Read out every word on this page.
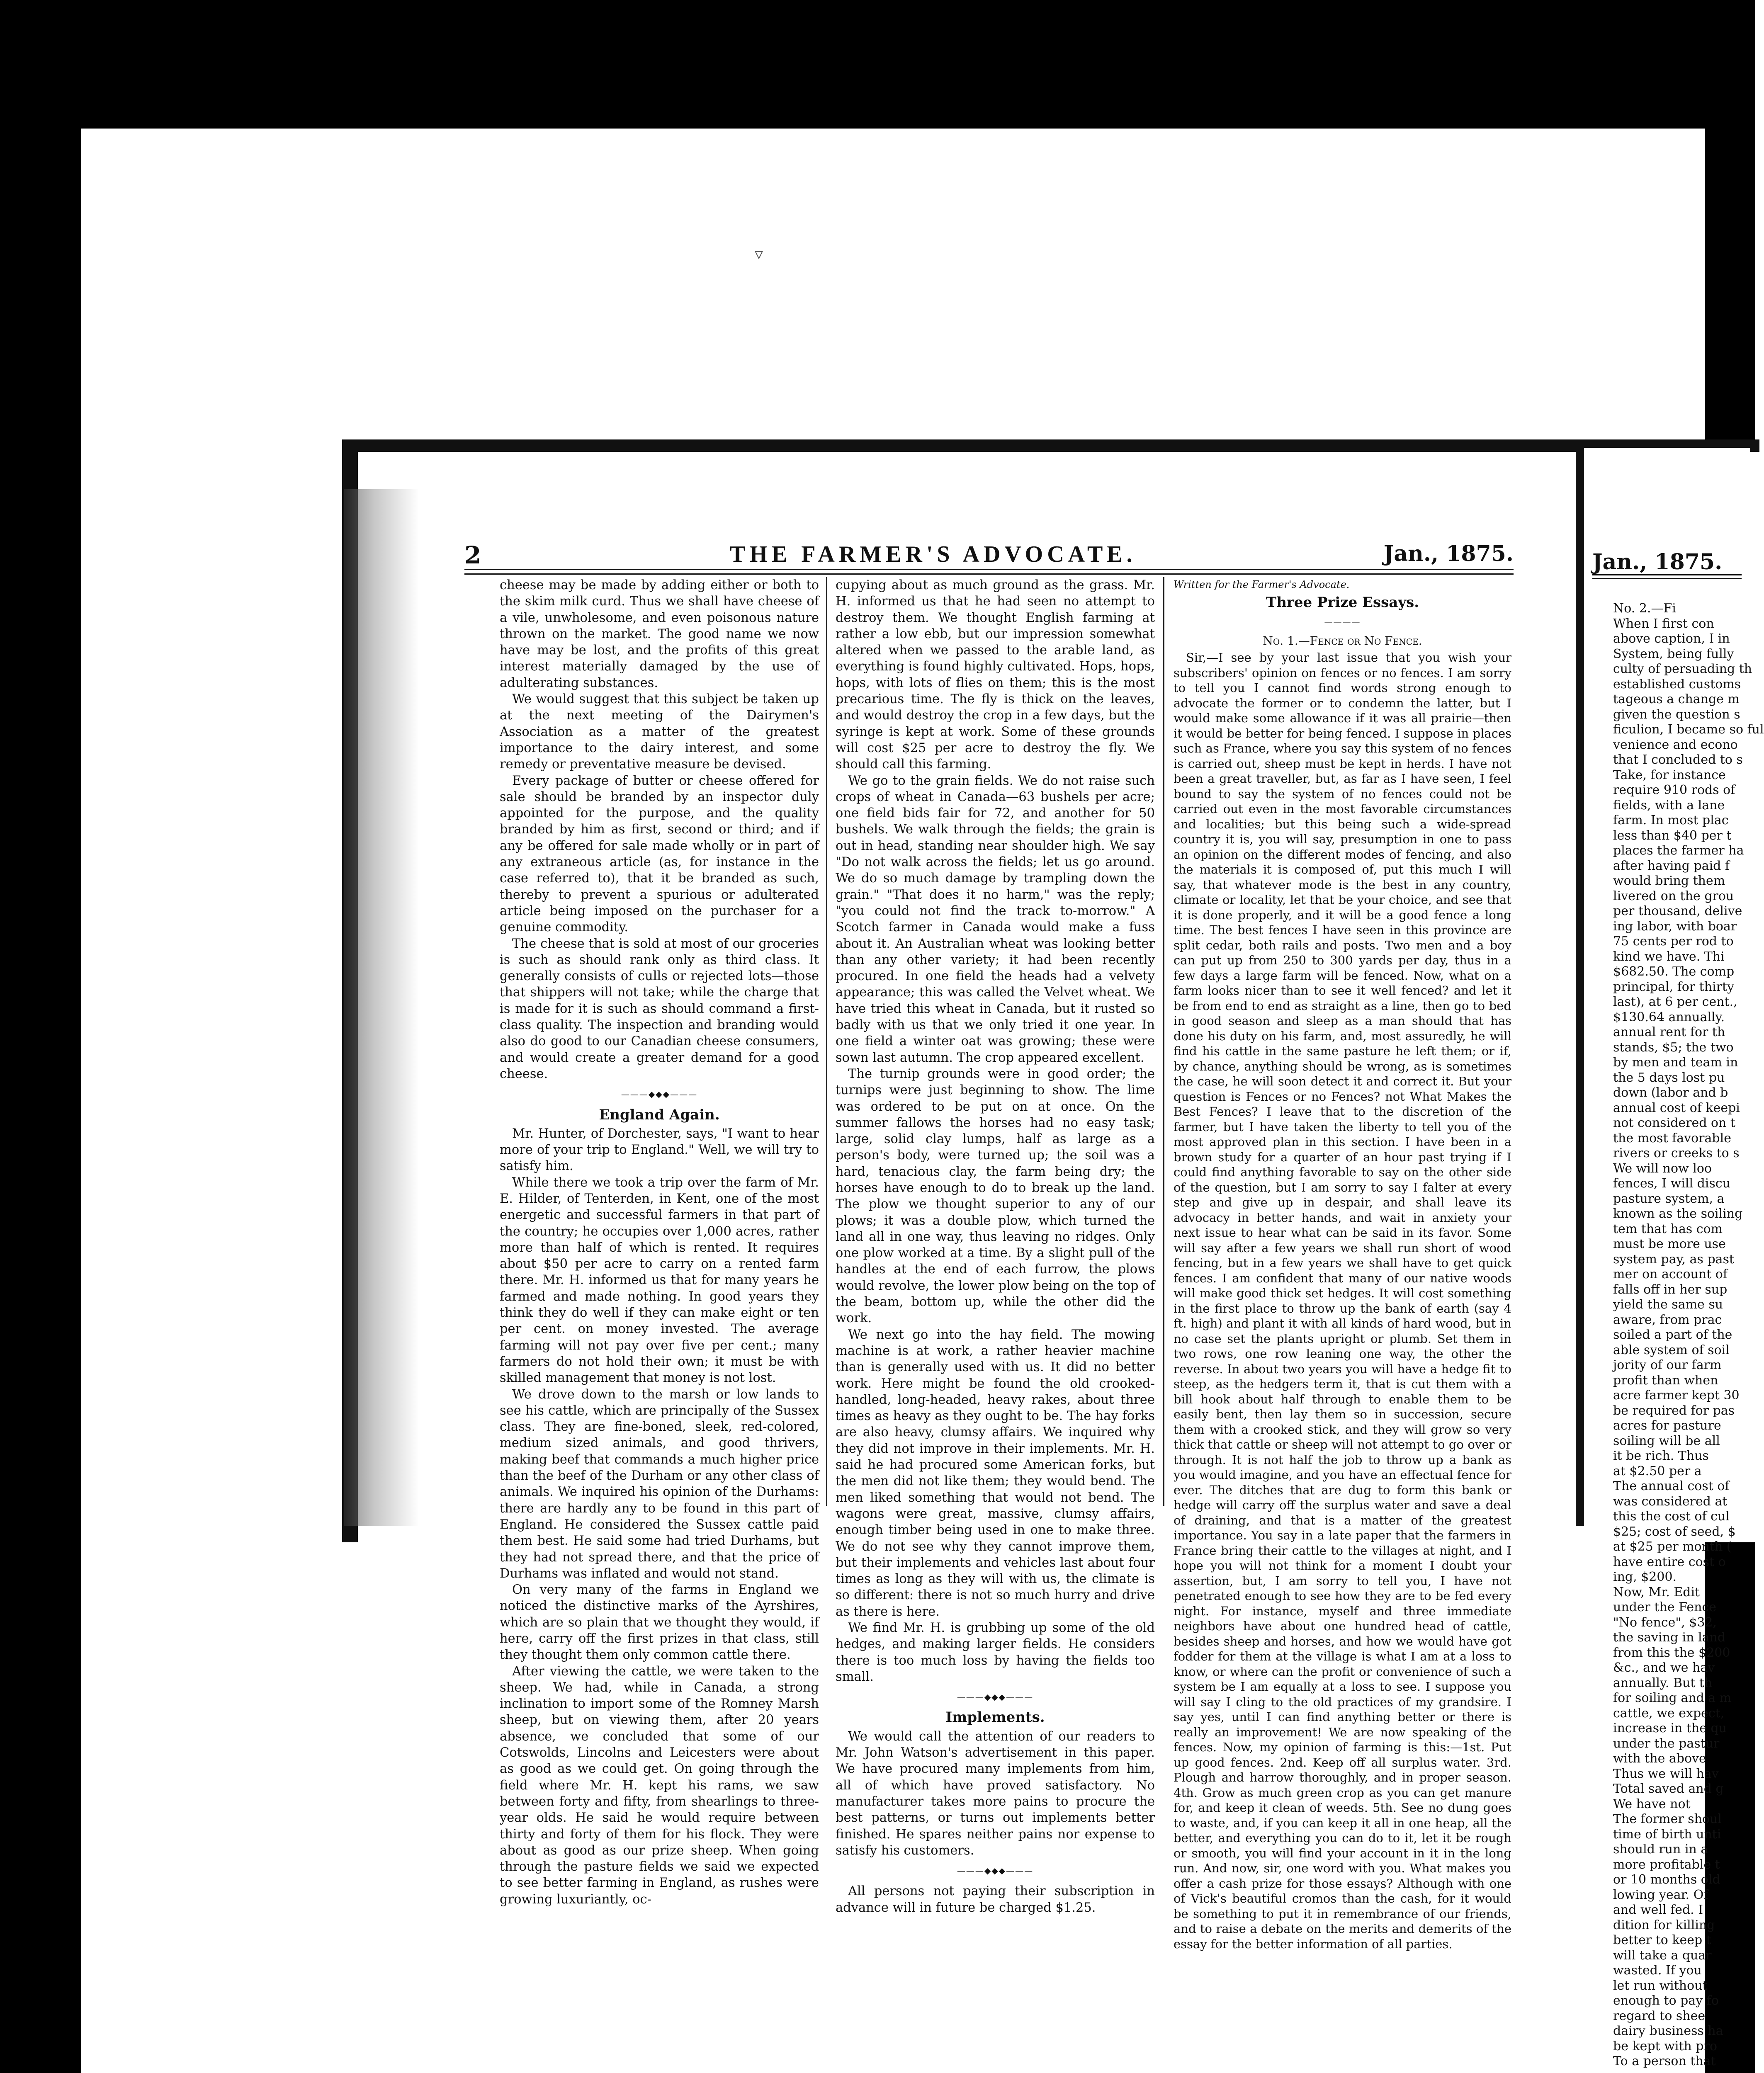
▿
2	THE FARMER'S ADVOCATE.	Jan., 1875.

cheese may be made by adding either or both to the skim milk curd. Thus we shall have cheese of a vile, unwholesome, and even poisonous nature thrown on the market. The good name we now have may be lost, and the profits of this great interest materially damaged by the use of adulterating substances.

We would suggest that this subject be taken up at the next meeting of the Dairymen's Association as a matter of the greatest importance to the dairy interest, and some remedy or preventative measure be devised.

Every package of butter or cheese offered for sale should be branded by an inspector duly appointed for the purpose, and the quality branded by him as first, second or third; and if any be offered for sale made wholly or in part of any extraneous article (as, for instance in the case referred to), that it be branded as such, thereby to prevent a spurious or adulterated article being imposed on the purchaser for a genuine commodity.

The cheese that is sold at most of our groceries is such as should rank only as third class. It generally consists of culls or rejected lots—those that shippers will not take; while the charge that is made for it is such as should command a first-class quality. The inspection and branding would also do good to our Canadian cheese consumers, and would create a greater demand for a good cheese.

———◆◆◆———
England Again.

Mr. Hunter, of Dorchester, says, "I want to hear more of your trip to England." Well, we will try to satisfy him.

While there we took a trip over the farm of Mr. E. Hilder, of Tenterden, in Kent, one of the most energetic and successful farmers in that part of the country; he occupies over 1,000 acres, rather more than half of which is rented. It requires about $50 per acre to carry on a rented farm there. Mr. H. informed us that for many years he farmed and made nothing. In good years they think they do well if they can make eight or ten per cent. on money invested. The average farming will not pay over five per cent.; many farmers do not hold their own; it must be with skilled management that money is not lost.

We drove down to the marsh or low lands to see his cattle, which are principally of the Sussex class. They are fine-boned, sleek, red-colored, medium sized animals, and good thrivers, making beef that commands a much higher price than the beef of the Durham or any other class of animals. We inquired his opinion of the Durhams: there are hardly any to be found in this part of England. He considered the Sussex cattle paid them best. He said some had tried Durhams, but they had not spread there, and that the price of Durhams was inflated and would not stand.

On very many of the farms in England we noticed the distinctive marks of the Ayrshires, which are so plain that we thought they would, if here, carry off the first prizes in that class, still they thought them only common cattle there.

After viewing the cattle, we were taken to the sheep. We had, while in Canada, a strong inclination to import some of the Romney Marsh sheep, but on viewing them, after 20 years absence, we concluded that some of our Cotswolds, Lincolns and Leicesters were about as good as we could get. On going through the field where Mr. H. kept his rams, we saw between forty and fifty, from shearlings to three-year olds. He said he would require between thirty and forty of them for his flock. They were about as good as our prize sheep. When going through the pasture fields we said we expected to see better farming in England, as rushes were growing luxuriantly, oc-

cupying about as much ground as the grass. Mr. H. informed us that he had seen no attempt to destroy them. We thought English farming at rather a low ebb, but our impression somewhat altered when we passed to the arable land, as everything is found highly cultivated. Hops, hops, hops, with lots of flies on them; this is the most precarious time. The fly is thick on the leaves, and would destroy the crop in a few days, but the syringe is kept at work. Some of these grounds will cost $25 per acre to destroy the fly. We should call this farming.

We go to the grain fields. We do not raise such crops of wheat in Canada—63 bushels per acre; one field bids fair for 72, and another for 50 bushels. We walk through the fields; the grain is out in head, standing near shoulder high. We say "Do not walk across the fields; let us go around. We do so much damage by trampling down the grain." "That does it no harm," was the reply; "you could not find the track to-morrow." A Scotch farmer in Canada would make a fuss about it. An Australian wheat was looking better than any other variety; it had been recently procured. In one field the heads had a velvety appearance; this was called the Velvet wheat. We have tried this wheat in Canada, but it rusted so badly with us that we only tried it one year. In one field a winter oat was growing; these were sown last autumn. The crop appeared excellent.

The turnip grounds were in good order; the turnips were just beginning to show. The lime was ordered to be put on at once. On the summer fallows the horses had no easy task; large, solid clay lumps, half as large as a person's body, were turned up; the soil was a hard, tenacious clay, the farm being dry; the horses have enough to do to break up the land. The plow we thought superior to any of our plows; it was a double plow, which turned the land all in one way, thus leaving no ridges. Only one plow worked at a time. By a slight pull of the handles at the end of each furrow, the plows would revolve, the lower plow being on the top of the beam, bottom up, while the other did the work.

We next go into the hay field. The mowing machine is at work, a rather heavier machine than is generally used with us. It did no better work. Here might be found the old crooked-handled, long-headed, heavy rakes, about three times as heavy as they ought to be. The hay forks are also heavy, clumsy affairs. We inquired why they did not improve in their implements. Mr. H. said he had procured some American forks, but the men did not like them; they would bend. The men liked something that would not bend. The wagons were great, massive, clumsy affairs, enough timber being used in one to make three. We do not see why they cannot improve them, but their implements and vehicles last about four times as long as they will with us, the climate is so different: there is not so much hurry and drive as there is here.

We find Mr. H. is grubbing up some of the old hedges, and making larger fields. He considers there is too much loss by having the fields too small.

———◆◆◆———
Implements.

We would call the attention of our readers to Mr. John Watson's advertisement in this paper. We have procured many implements from him, all of which have proved satisfactory. No manufacturer takes more pains to procure the best patterns, or turns out implements better finished. He spares neither pains nor expense to satisfy his customers.

———◆◆◆———

All persons not paying their subscription in advance will in future be charged $1.25.

Written for the Farmer's Advocate.
Three Prize Essays.
————
No. 1.—Fence or No Fence.

Sir,—I see by your last issue that you wish your subscribers' opinion on fences or no fences. I am sorry to tell you I cannot find words strong enough to advocate the former or to condemn the latter, but I would make some allowance if it was all prairie—then it would be better for being fenced. I suppose in places such as France, where you say this system of no fences is carried out, sheep must be kept in herds. I have not been a great traveller, but, as far as I have seen, I feel bound to say the system of no fences could not be carried out even in the most favorable circumstances and localities; but this being such a wide-spread country it is, you will say, presumption in one to pass an opinion on the different modes of fencing, and also the materials it is composed of, put this much I will say, that whatever mode is the best in any country, climate or locality, let that be your choice, and see that it is done properly, and it will be a good fence a long time. The best fences I have seen in this province are split cedar, both rails and posts. Two men and a boy can put up from 250 to 300 yards per day, thus in a few days a large farm will be fenced. Now, what on a farm looks nicer than to see it well fenced? and let it be from end to end as straight as a line, then go to bed in good season and sleep as a man should that has done his duty on his farm, and, most assuredly, he will find his cattle in the same pasture he left them; or if, by chance, anything should be wrong, as is sometimes the case, he will soon detect it and correct it. But your question is Fences or no Fences? not What Makes the Best Fences? I leave that to the discretion of the farmer, but I have taken the liberty to tell you of the most approved plan in this section. I have been in a brown study for a quarter of an hour past trying if I could find anything favorable to say on the other side of the question, but I am sorry to say I falter at every step and give up in despair, and shall leave its advocacy in better hands, and wait in anxiety your next issue to hear what can be said in its favor. Some will say after a few years we shall run short of wood fencing, but in a few years we shall have to get quick fences. I am confident that many of our native woods will make good thick set hedges. It will cost something in the first place to throw up the bank of earth (say 4 ft. high) and plant it with all kinds of hard wood, but in no case set the plants upright or plumb. Set them in two rows, one row leaning one way, the other the reverse. In about two years you will have a hedge fit to steep, as the hedgers term it, that is cut them with a bill hook about half through to enable them to be easily bent, then lay them so in succession, secure them with a crooked stick, and they will grow so very thick that cattle or sheep will not attempt to go over or through. It is not half the job to throw up a bank as you would imagine, and you have an effectual fence for ever. The ditches that are dug to form this bank or hedge will carry off the surplus water and save a deal of draining, and that is a matter of the greatest importance. You say in a late paper that the farmers in France bring their cattle to the villages at night, and I hope you will not think for a moment I doubt your assertion, but, I am sorry to tell you, I have not penetrated enough to see how they are to be fed every night. For instance, myself and three immediate neighbors have about one hundred head of cattle, besides sheep and horses, and how we would have got fodder for them at the village is what I am at a loss to know, or where can the profit or convenience of such a system be I am equally at a loss to see. I suppose you will say I cling to the old practices of my grandsire. I say yes, until I can find anything better or there is really an improvement! We are now speaking of the fences. Now, my opinion of farming is this:—1st. Put up good fences. 2nd. Keep off all surplus water. 3rd. Plough and harrow thoroughly, and in proper season. 4th. Grow as much green crop as you can get manure for, and keep it clean of weeds. 5th. See no dung goes to waste, and, if you can keep it all in one heap, all the better, and everything you can do to it, let it be rough or smooth, you will find your account in it in the long run. And now, sir, one word with you. What makes you offer a cash prize for those essays? Although with one of Vick's beautiful cromos than the cash, for it would be something to put it in remembrance of our friends, and to raise a debate on the merits and demerits of the essay for the better information of all parties.

Jan., 1875.

No. 2.—Fi

When I first con

above caption, I in

System, being fully

culty of persuading th

established customs

tageous a change m

given the question s

ficulion, I became so ful

venience and econo

that I concluded to s

Take, for instance

require 910 rods of

fields, with a lane

farm. In most plac

less than $40 per t

places the farmer ha

after having paid f

would bring them

livered on the grou

per thousand, delive

ing labor, with boar

75 cents per rod to

kind we have. Thi

$682.50. The comp

principal, for thirty

last), at 6 per cent.,

$130.64 annually.

annual rent for th

stands, $5; the two

by men and team in

the 5 days lost pu

down (labor and b

annual cost of keepi

not considered on t

the most favorable

rivers or creeks to s

We will now loo

fences, I will discu

pasture system, a

known as the soiling

tem that has com

must be more use

system pay, as past

mer on account of

falls off in her sup

yield the same su

aware, from prac

soiled a part of the

able system of soil

jority of our farm

profit than when

acre farmer kept 30

be required for pas

acres for pasture

soiling will be all

it be rich. Thus

at $2.50 per a

The annual cost of

was considered at

this the cost of cul

$25; cost of seed, $

at $25 per month (

have entire cost o

ing, $200.

Now, Mr. Edit

under the Fence

"No fence", $32,

the saving in land

from this the $200

&c., and we hav

annually. But th

for soiling and a m

cattle, we expect,

increase in the qu

under the pastur

with the above

Thus we will hav

Total saved and g

We have not

The former shoul

time of birth unti

should run in a

more profitable t

or 10 months old

lowing year. Of

and well fed. I

dition for killing

better to keep t

will take a quar

wasted. If you

let run without

enough to pay fo

regard to shee

dairy business ha

be kept with pro

To a person that
